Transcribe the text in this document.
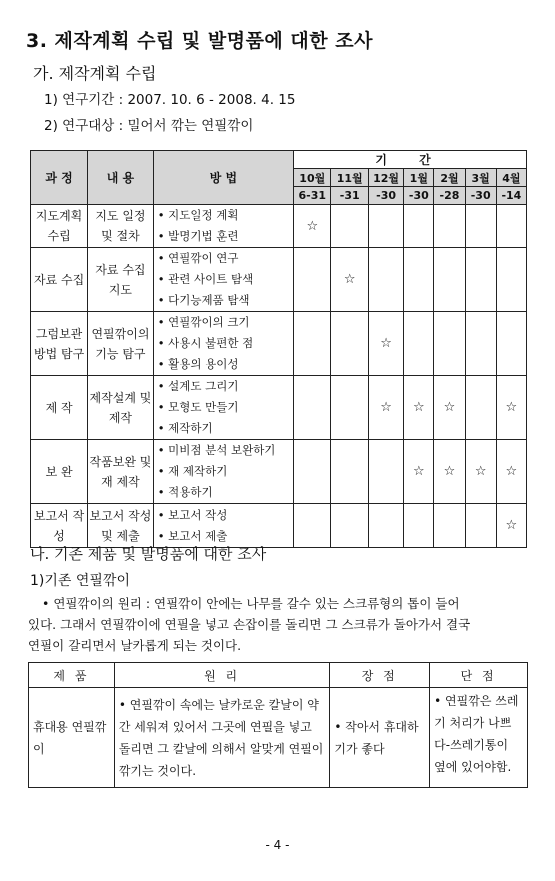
3. 제작계획 수립 및 발명품에 대한 조사
가. 제작계획 수립
1) 연구기간 : 2007. 10. 6 - 2008. 4. 15
2) 연구대상 : 밀어서 깎는 연필깎이
과 정	내 용	방 법	기 간						
			10월	11월	12월	1월	2월	3월	4월
			6-31	-31	-30	-30	-28	-30	-14
지도계획 수립	지도 일정 및 절차	• 지도일정 계획
• 발명기법 훈련	☆						
자료 수집	자료 수집 지도	• 연필깎이 연구
• 관련 사이트 탐색
• 다기능제품 탐색		☆					
그럼보관 방법 탐구	연필깎이의 기능 탐구	• 연필깎이의 크기
• 사용시 불편한 점
• 활용의 용이성			☆				
제 작	제작설계 및 제작	• 설계도 그리기
• 모형도 만들기
• 제작하기			☆	☆	☆		☆
보 완	작품보완 및 재 제작	• 미비점 분석 보완하기
• 재 제작하기
• 적용하기				☆	☆	☆	☆
보고서 작성	보고서 작성 및 제출	• 보고서 작성
• 보고서 제출							☆
나. 기존 제품 및 발명품에 대한 조사
1)기존 연필깎이
• 연필깎이의 원리 : 연필깎이 안에는 나무를 갈수 있는 스크류형의 톱이 들어
있다. 그래서 연필깎이에 연필을 넣고 손잡이를 돌리면 그 스크류가 돌아가서 결국
연필이 갈리면서 날카롭게 되는 것이다.
제 품	원 리	장 점	단 점
휴대용 연필깎이	• 연필깎이 속에는 날카로운 칼날이 약간 세워져 있어서 그곳에 연필을 넣고 돌리면 그 칼날에 의해서 알맞게 연필이 깎기는 것이다.	• 작아서 휴대하기가 좋다	• 연필깎은 쓰레기 처리가 나쁘다-쓰레기통이 옆에 있어야함.
- 4 -
